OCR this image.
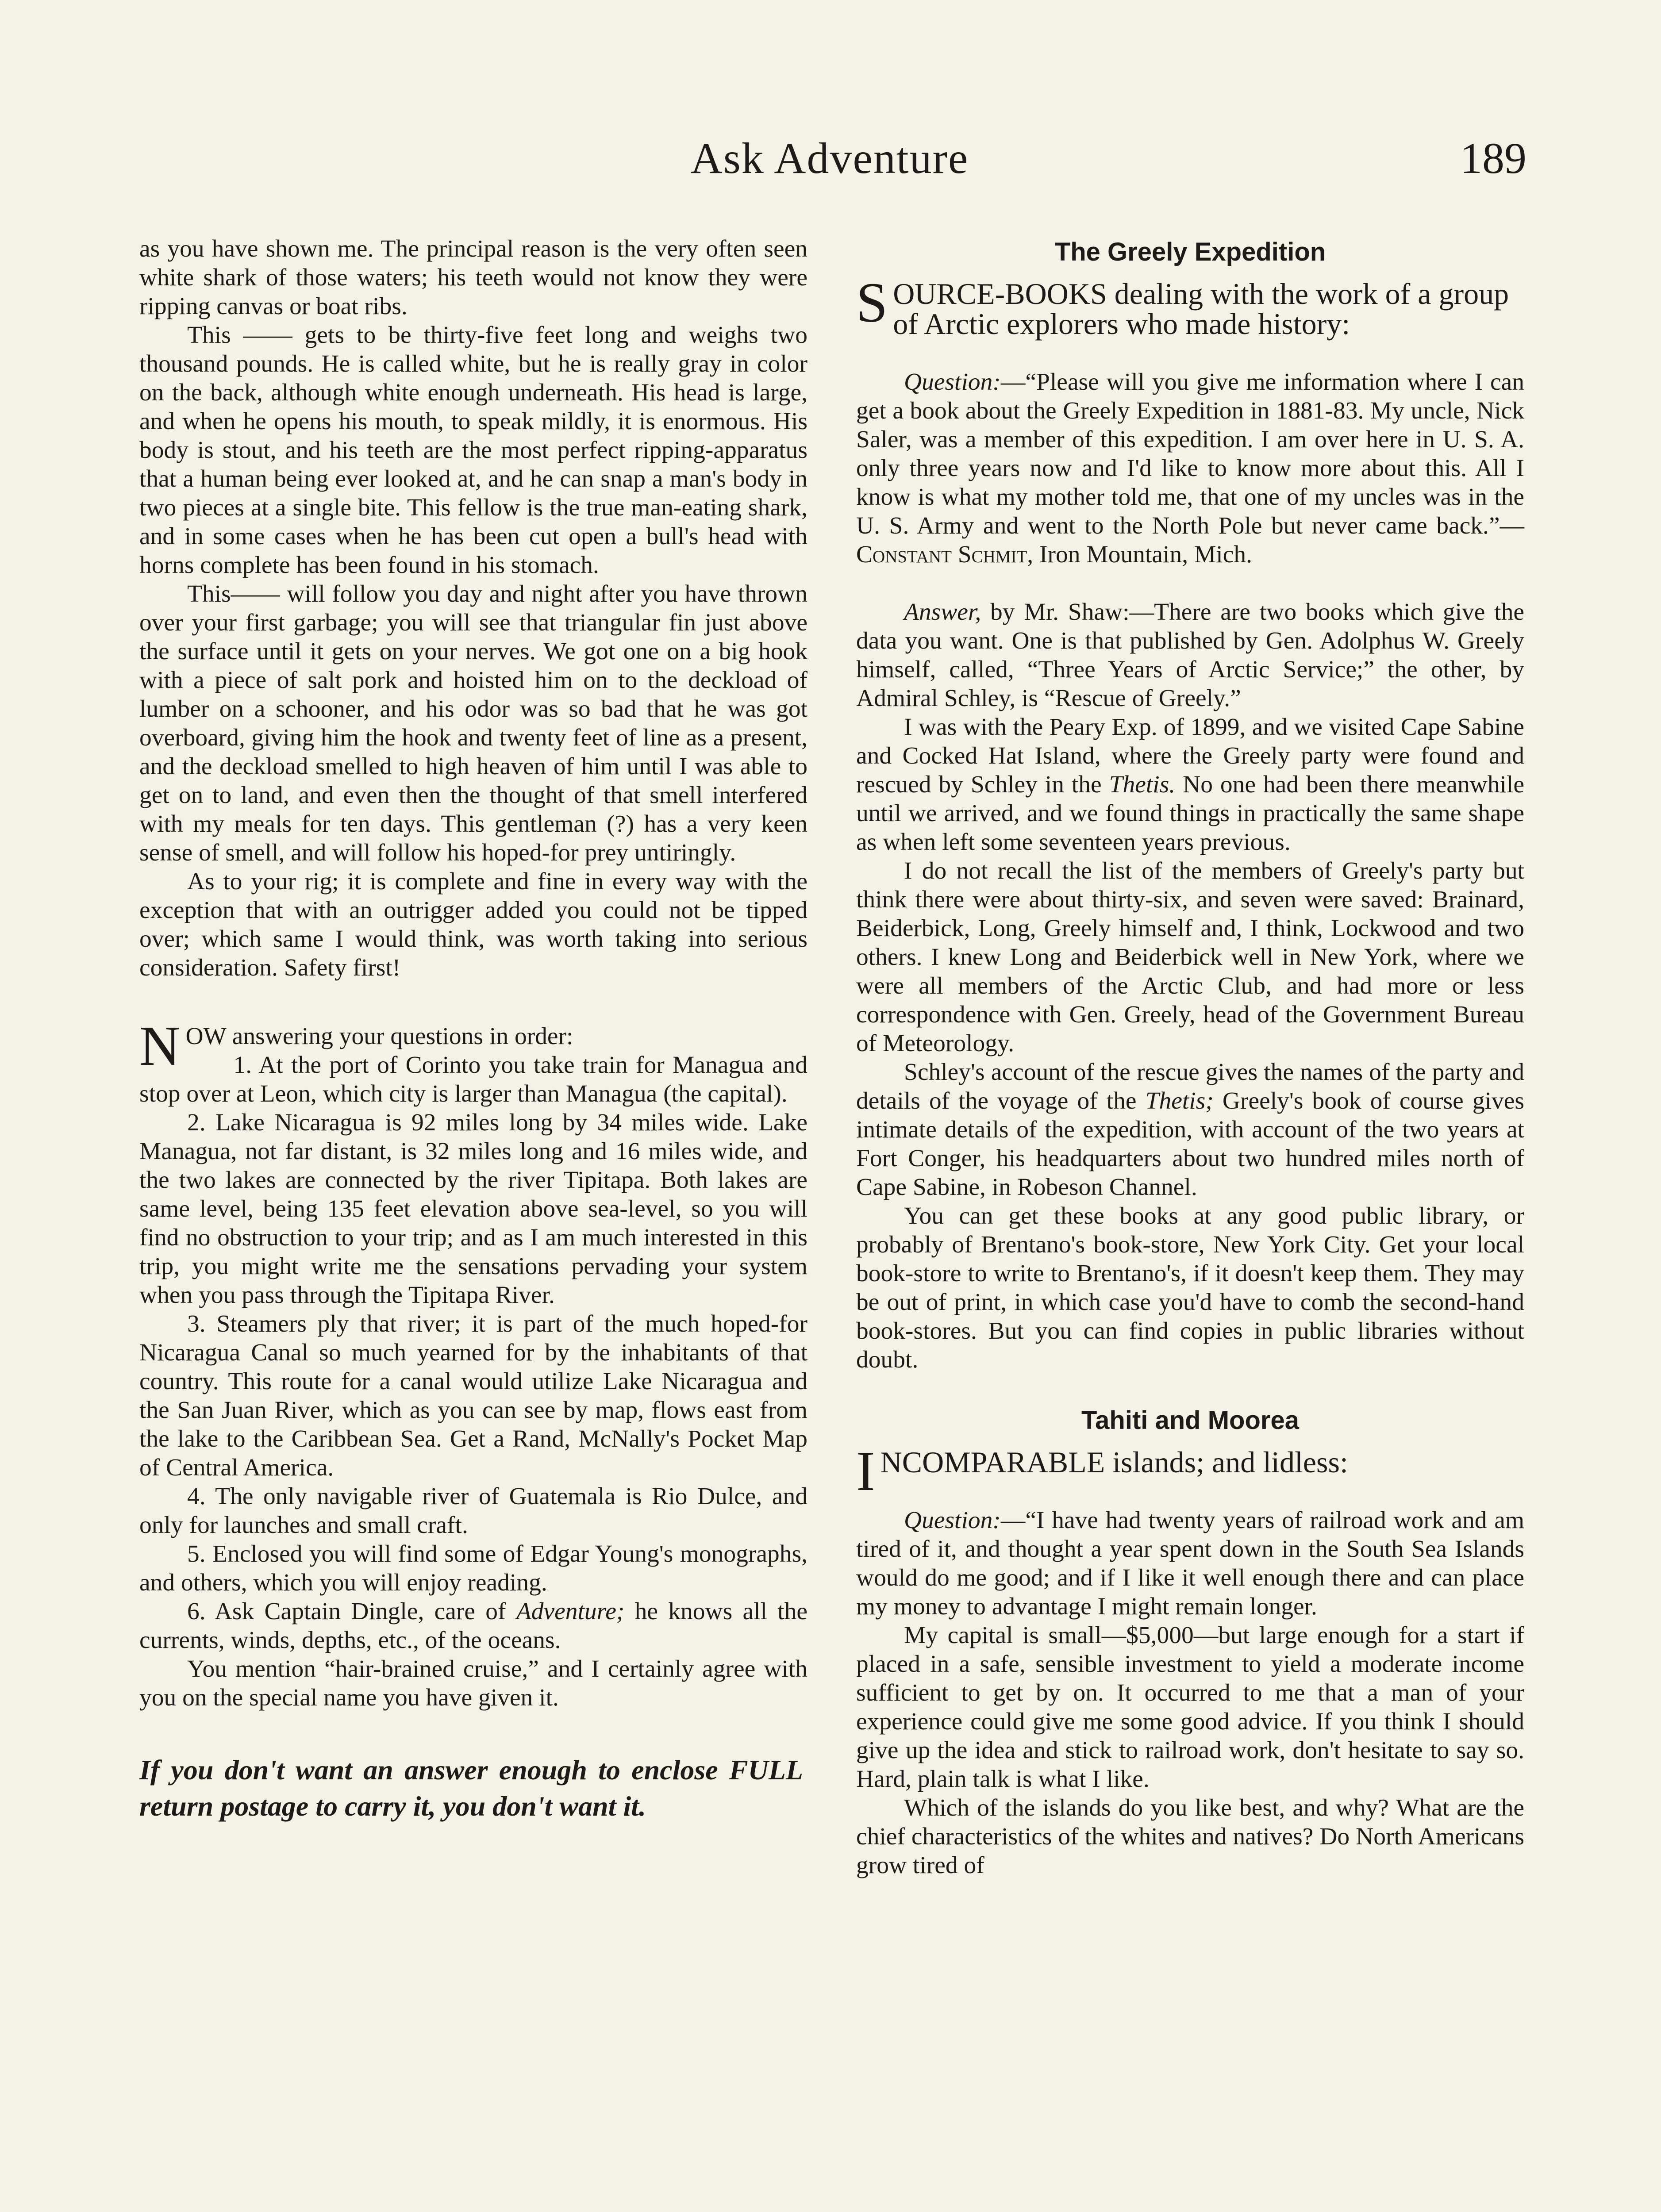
Ask Adventure	189

as you have shown me. The principal reason is the very often seen white shark of those waters; his teeth would not know they were ripping canvas or boat ribs.

This —— gets to be thirty-five feet long and weighs two thousand pounds. He is called white, but he is really gray in color on the back, although white enough underneath. His head is large, and when he opens his mouth, to speak mildly, it is enormous. His body is stout, and his teeth are the most perfect ripping-apparatus that a human being ever looked at, and he can snap a man's body in two pieces at a single bite. This fellow is the true man-eating shark, and in some cases when he has been cut open a bull's head with horns complete has been found in his stomach.

This—— will follow you day and night after you have thrown over your first garbage; you will see that triangular fin just above the surface until it gets on your nerves. We got one on a big hook with a piece of salt pork and hoisted him on to the deckload of lumber on a schooner, and his odor was so bad that he was got overboard, giving him the hook and twenty feet of line as a present, and the deckload smelled to high heaven of him until I was able to get on to land, and even then the thought of that smell interfered with my meals for ten days. This gentleman (?) has a very keen sense of smell, and will follow his hoped-for prey untiringly.

As to your rig; it is complete and fine in every way with the exception that with an outrigger added you could not be tipped over; which same I would think, was worth taking into serious consideration. Safety first!

NOW answering your questions in order:

1. At the port of Corinto you take train for Managua and stop over at Leon, which city is larger than Managua (the capital).

2. Lake Nicaragua is 92 miles long by 34 miles wide. Lake Managua, not far distant, is 32 miles long and 16 miles wide, and the two lakes are connected by the river Tipitapa. Both lakes are same level, being 135 feet elevation above sea-level, so you will find no obstruction to your trip; and as I am much interested in this trip, you might write me the sensations pervading your system when you pass through the Tipitapa River.

3. Steamers ply that river; it is part of the much hoped-for Nicaragua Canal so much yearned for by the inhabitants of that country. This route for a canal would utilize Lake Nicaragua and the San Juan River, which as you can see by map, flows east from the lake to the Caribbean Sea. Get a Rand, McNally's Pocket Map of Central America.

4. The only navigable river of Guatemala is Rio Dulce, and only for launches and small craft.

5. Enclosed you will find some of Edgar Young's monographs, and others, which you will enjoy reading.

6. Ask Captain Dingle, care of Adventure; he knows all the currents, winds, depths, etc., of the oceans.

You mention “hair-brained cruise,” and I certainly agree with you on the special name you have given it.

If you don't want an answer enough to enclose FULL return postage to carry it, you don't want it.
The Greely Expedition

SOURCE-BOOKS dealing with the work of a group of Arctic explorers who made history:

Question:—“Please will you give me information where I can get a book about the Greely Expedition in 1881-83. My uncle, Nick Saler, was a member of this expedition. I am over here in U. S. A. only three years now and I'd like to know more about this. All I know is what my mother told me, that one of my uncles was in the U. S. Army and went to the North Pole but never came back.”—Constant Schmit, Iron Mountain, Mich.

Answer, by Mr. Shaw:—There are two books which give the data you want. One is that published by Gen. Adolphus W. Greely himself, called, “Three Years of Arctic Service;” the other, by Admiral Schley, is “Rescue of Greely.”

I was with the Peary Exp. of 1899, and we visited Cape Sabine and Cocked Hat Island, where the Greely party were found and rescued by Schley in the Thetis. No one had been there meanwhile until we arrived, and we found things in practically the same shape as when left some seventeen years previous.

I do not recall the list of the members of Greely's party but think there were about thirty-six, and seven were saved: Brainard, Beiderbick, Long, Greely himself and, I think, Lockwood and two others. I knew Long and Beiderbick well in New York, where we were all members of the Arctic Club, and had more or less correspondence with Gen. Greely, head of the Government Bureau of Meteorology.

Schley's account of the rescue gives the names of the party and details of the voyage of the Thetis; Greely's book of course gives intimate details of the expedition, with account of the two years at Fort Conger, his headquarters about two hundred miles north of Cape Sabine, in Robeson Channel.

You can get these books at any good public library, or probably of Brentano's book-store, New York City. Get your local book-store to write to Brentano's, if it doesn't keep them. They may be out of print, in which case you'd have to comb the second-hand book-stores. But you can find copies in public libraries without doubt.

Tahiti and Moorea

INCOMPARABLE islands; and lidless:

Question:—“I have had twenty years of railroad work and am tired of it, and thought a year spent down in the South Sea Islands would do me good; and if I like it well enough there and can place my money to advantage I might remain longer.

My capital is small—$5,000—but large enough for a start if placed in a safe, sensible investment to yield a moderate income sufficient to get by on. It occurred to me that a man of your experience could give me some good advice. If you think I should give up the idea and stick to railroad work, don't hesitate to say so. Hard, plain talk is what I like.

Which of the islands do you like best, and why? What are the chief characteristics of the whites and natives? Do North Americans grow tired of
